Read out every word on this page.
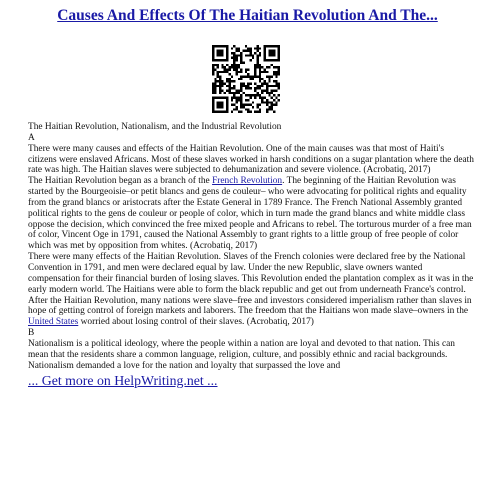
Causes And Effects Of The Haitian Revolution And The...

The Haitian Revolution, Nationalism, and the Industrial Revolution

A

There were many causes and effects of the Haitian Revolution. One of the main causes was that most of Haiti's citizens were enslaved Africans. Most of these slaves worked in harsh conditions on a sugar plantation where the death rate was high. The Haitian slaves were subjected to dehumanization and severe violence. (Acrobatiq, 2017)

The Haitian Revolution began as a branch of the French Revolution. The beginning of the Haitian Revolution was started by the Bourgeoisie–or petit blancs and gens de couleur– who were advocating for political rights and equality from the grand blancs or aristocrats after the Estate General in 1789 France. The French National Assembly granted political rights to the gens de couleur or people of color, which in turn made the grand blancs and white middle class oppose the decision, which convinced the free mixed people and Africans to rebel. The torturous murder of a free man of color, Vincent Oge in 1791, caused the National Assembly to grant rights to a little group of free people of color which was met by opposition from whites. (Acrobatiq, 2017)

There were many effects of the Haitian Revolution. Slaves of the French colonies were declared free by the National Convention in 1791, and men were declared equal by law. Under the new Republic, slave owners wanted compensation for their financial burden of losing slaves. This Revolution ended the plantation complex as it was in the early modern world. The Haitians were able to form the black republic and get out from underneath France's control. After the Haitian Revolution, many nations were slave–free and investors considered imperialism rather than slaves in hope of getting control of foreign markets and laborers. The freedom that the Haitians won made slave–owners in the United States worried about losing control of their slaves. (Acrobatiq, 2017)

B

Nationalism is a political ideology, where the people within a nation are loyal and devoted to that nation. This can mean that the residents share a common language, religion, culture, and possibly ethnic and racial backgrounds. Nationalism demanded a love for the nation and loyalty that surpassed the love and

... Get more on HelpWriting.net ...
